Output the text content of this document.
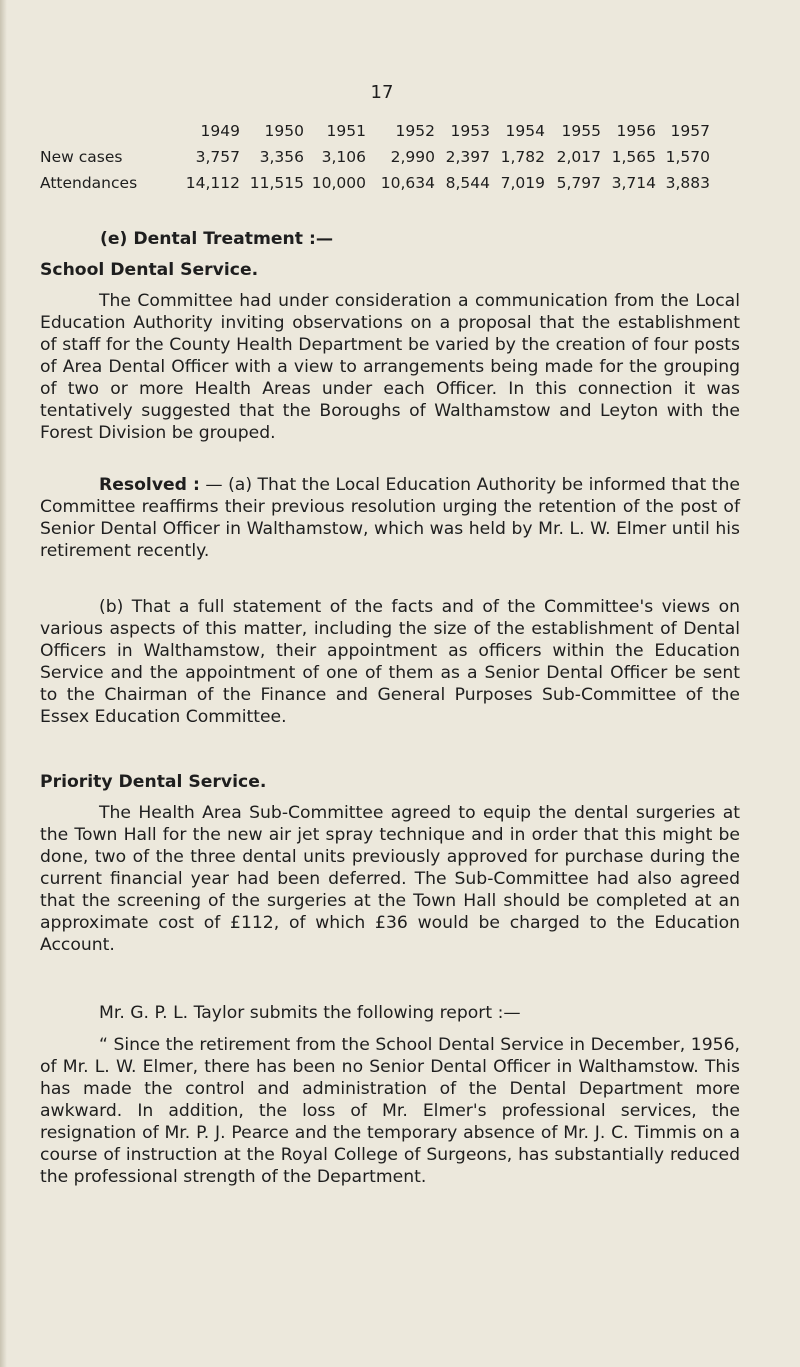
17
	1949	1950	1951	1952	1953	1954	1955	1956	1957
New cases	3,757	3,356	3,106	2,990	2,397	1,782	2,017	1,565	1,570
Attendances	14,112	11,515	10,000	10,634	8,544	7,019	5,797	3,714	3,883

(e) Dental Treatment :—

School Dental Service.

The Committee had under consideration a communication from the Local Education Authority inviting observations on a proposal that the establishment of staff for the County Health Department be varied by the creation of four posts of Area Dental Officer with a view to arrangements being made for the grouping of two or more Health Areas under each Officer. In this connection it was tentatively suggested that the Boroughs of Walthamstow and Leyton with the Forest Division be grouped.

Resolved : — (a) That the Local Education Authority be informed that the Committee reaffirms their previous resolution urging the retention of the post of Senior Dental Officer in Walthamstow, which was held by Mr. L. W. Elmer until his retirement recently.

(b) That a full statement of the facts and of the Committee's views on various aspects of this matter, including the size of the establishment of Dental Officers in Walthamstow, their appointment as officers within the Education Service and the appointment of one of them as a Senior Dental Officer be sent to the Chairman of the Finance and General Purposes Sub-Committee of the Essex Education Committee.

Priority Dental Service.

The Health Area Sub-Committee agreed to equip the dental surgeries at the Town Hall for the new air jet spray technique and in order that this might be done, two of the three dental units previously approved for purchase during the current financial year had been deferred. The Sub-Committee had also agreed that the screening of the surgeries at the Town Hall should be completed at an approximate cost of £112, of which £36 would be charged to the Education Account.

Mr. G. P. L. Taylor submits the following report :—

“ Since the retirement from the School Dental Service in December, 1956, of Mr. L. W. Elmer, there has been no Senior Dental Officer in Walthamstow. This has made the control and administration of the Dental Department more awkward. In addition, the loss of Mr. Elmer's professional services, the resignation of Mr. P. J. Pearce and the temporary absence of Mr. J. C. Timmis on a course of instruction at the Royal College of Surgeons, has substantially reduced the professional strength of the Department.
